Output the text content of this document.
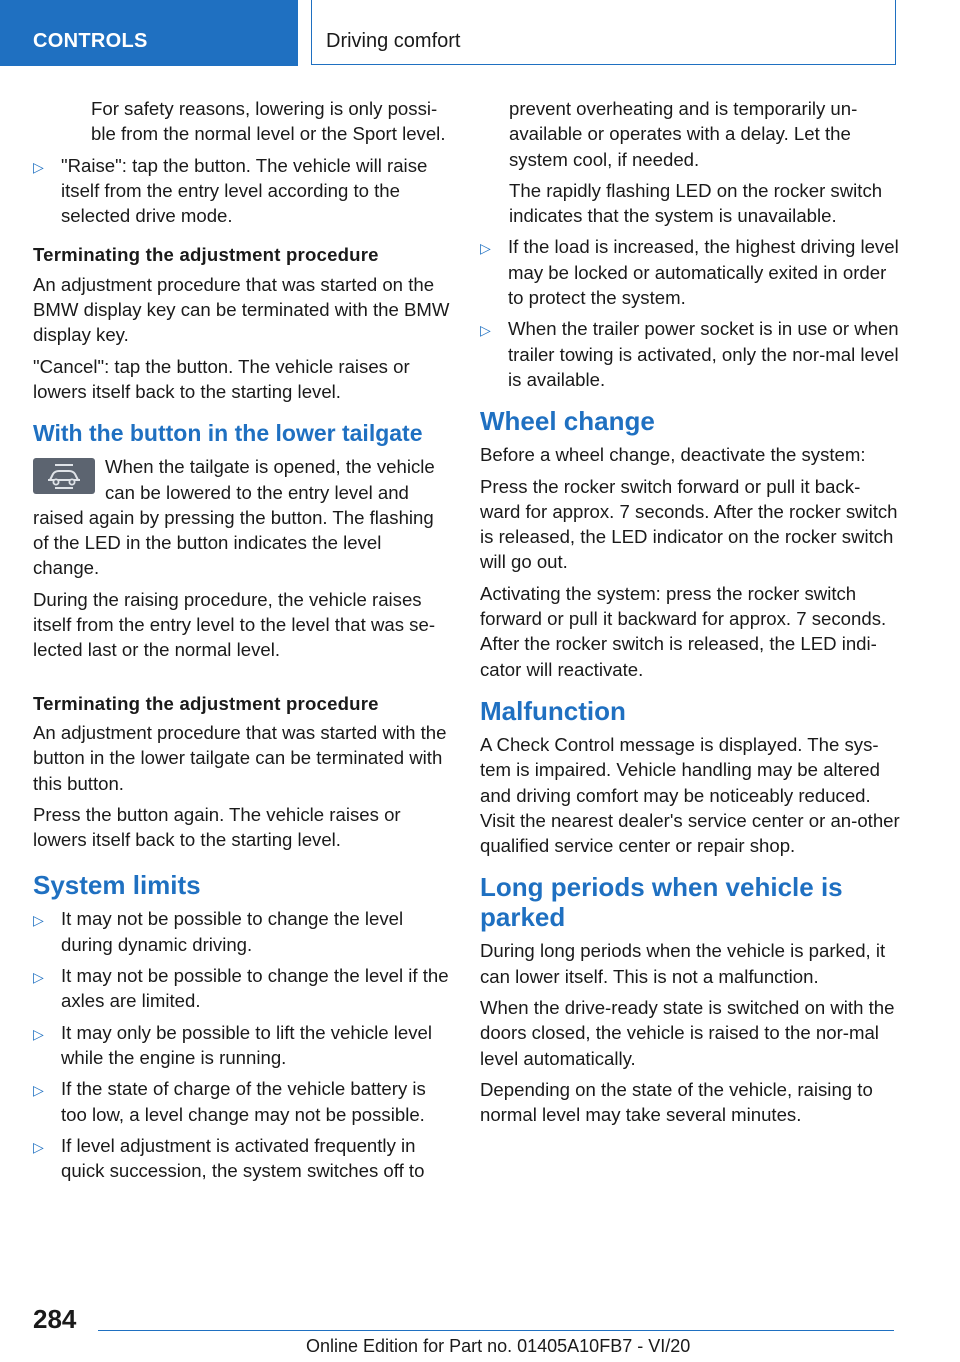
CONTROLS	Driving comfort

For safety reasons, lowering is only possi-ble from the normal level or the Sport level.

▷ "Raise": tap the button. The vehicle will raise itself from the entry level according to the selected drive mode.
Terminating the adjustment procedure

An adjustment procedure that was started on the BMW display key can be terminated with the BMW display key.

"Cancel": tap the button. The vehicle raises or lowers itself back to the starting level.

With the button in the lower tailgate

When the tailgate is opened, the vehicle can be lowered to the entry level and raised again by pressing the button. The flashing of the LED in the button indicates the level change.

During the raising procedure, the vehicle raises itself from the entry level to the level that was se-lected last or the normal level.

Terminating the adjustment procedure

An adjustment procedure that was started with the button in the lower tailgate can be terminated with this button.

Press the button again. The vehicle raises or lowers itself back to the starting level.

System limits
▷ It may not be possible to change the level during dynamic driving.
▷ It may not be possible to change the level if the axles are limited.
▷ It may only be possible to lift the vehicle level while the engine is running.
▷ If the state of charge of the vehicle battery is too low, a level change may not be possible.
▷ If level adjustment is activated frequently in quick succession, the system switches off to

prevent overheating and is temporarily un-available or operates with a delay. Let the system cool, if needed.

The rapidly flashing LED on the rocker switch indicates that the system is unavailable.

▷ If the load is increased, the highest driving level may be locked or automatically exited in order to protect the system.
▷ When the trailer power socket is in use or when trailer towing is activated, only the nor-mal level is available.
Wheel change

Before a wheel change, deactivate the system:

Press the rocker switch forward or pull it back-ward for approx. 7 seconds. After the rocker switch is released, the LED indicator on the rocker switch will go out.

Activating the system: press the rocker switch forward or pull it backward for approx. 7 seconds. After the rocker switch is released, the LED indi-cator will reactivate.

Malfunction

A Check Control message is displayed. The sys-tem is impaired. Vehicle handling may be altered and driving comfort may be noticeably reduced. Visit the nearest dealer's service center or an-other qualified service center or repair shop.

Long periods when vehicle is parked

During long periods when the vehicle is parked, it can lower itself. This is not a malfunction.

When the drive-ready state is switched on with the doors closed, the vehicle is raised to the nor-mal level automatically.

Depending on the state of the vehicle, raising to normal level may take several minutes.

284
Online Edition for Part no. 01405A10FB7 - VI/20
